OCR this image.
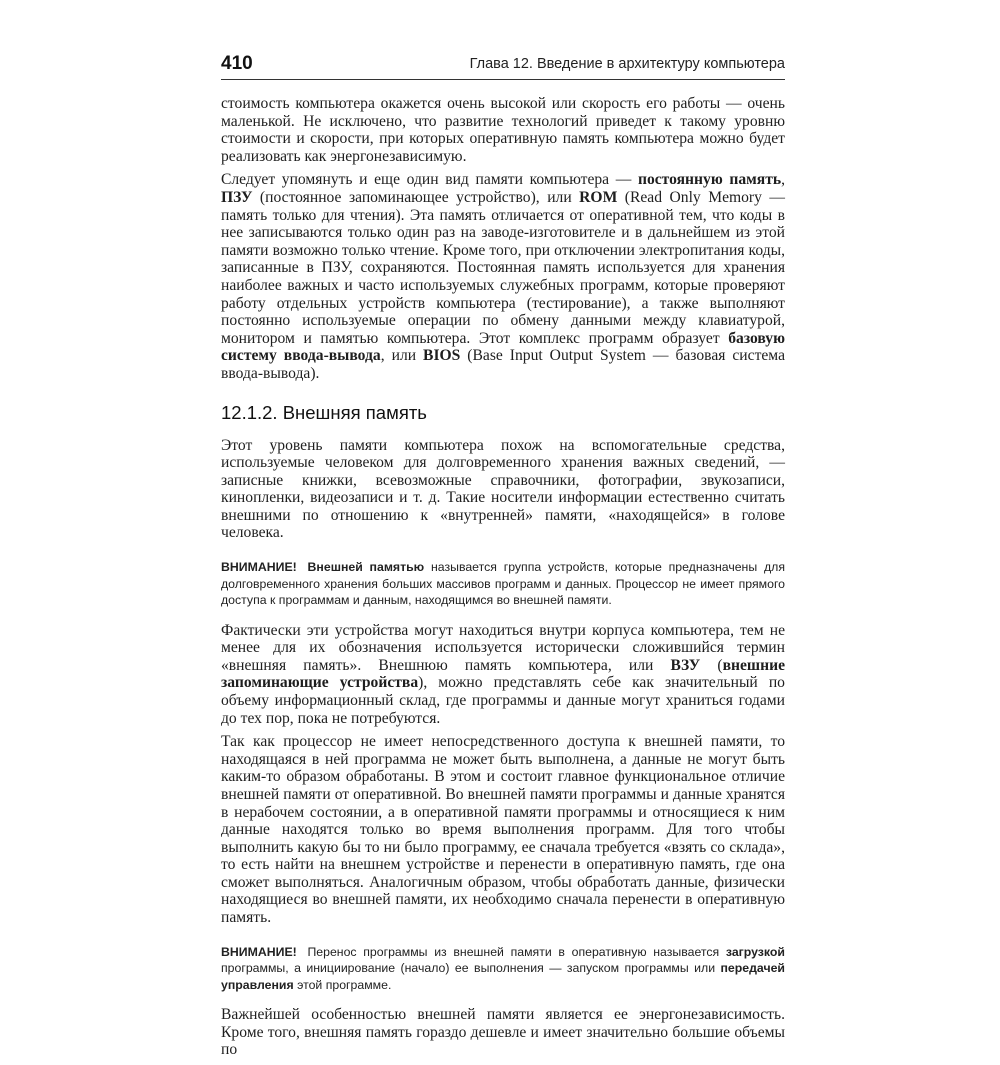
410	Глава 12. Введение в архитектуру компьютера

стоимость компьютера окажется очень высокой или скорость его работы — очень маленькой. Не исключено, что развитие технологий приведет к такому уровню стоимости и скорости, при которых оперативную память компьютера можно будет реализовать как энергонезависимую.

Следует упомянуть и еще один вид памяти компьютера — постоянную память, ПЗУ (постоянное запоминающее устройство), или ROM (Read Only Memory — память только для чтения). Эта память отличается от оперативной тем, что коды в нее записываются только один раз на заводе-изготовителе и в дальнейшем из этой памяти возможно только чтение. Кроме того, при отключении электропитания коды, записанные в ПЗУ, сохраняются. Постоянная память используется для хранения наиболее важных и часто используемых служебных программ, которые проверяют работу отдельных устройств компьютера (тестирование), а также выполняют постоянно используемые операции по обмену данными между клавиатурой, монитором и памятью компьютера. Этот комплекс программ образует базовую систему ввода-вывода, или BIOS (Base Input Output System — базовая система ввода-вывода).

12.1.2. Внешняя память

Этот уровень памяти компьютера похож на вспомогательные средства, используемые человеком для долговременного хранения важных сведений, — записные книжки, всевозможные справочники, фотографии, звукозаписи, кинопленки, видеозаписи и т. д. Такие носители информации естественно считать внешними по отношению к «внутренней» памяти, «находящейся» в голове человека.

ВНИМАНИЕ! Внешней памятью называется группа устройств, которые предназначены для долговременного хранения больших массивов программ и данных. Процессор не имеет прямого доступа к программам и данным, находящимся во внешней памяти.

Фактически эти устройства могут находиться внутри корпуса компьютера, тем не менее для их обозначения используется исторически сложившийся термин «внешняя память». Внешнюю память компьютера, или ВЗУ (внешние запоминающие устройства), можно представлять себе как значительный по объему информационный склад, где программы и данные могут храниться годами до тех пор, пока не потребуются.

Так как процессор не имеет непосредственного доступа к внешней памяти, то находящаяся в ней программа не может быть выполнена, а данные не могут быть каким-то образом обработаны. В этом и состоит главное функциональное отличие внешней памяти от оперативной. Во внешней памяти программы и данные хранятся в нерабочем состоянии, а в оперативной памяти программы и относящиеся к ним данные находятся только во время выполнения программ. Для того чтобы выполнить какую бы то ни было программу, ее сначала требуется «взять со склада», то есть найти на внешнем устройстве и перенести в оперативную память, где она сможет выполняться. Аналогичным образом, чтобы обработать данные, физически находящиеся во внешней памяти, их необходимо сначала перенести в оперативную память.

ВНИМАНИЕ! Перенос программы из внешней памяти в оперативную называется загрузкой программы, а инициирование (начало) ее выполнения — запуском программы или передачей управления этой программе.

Важнейшей особенностью внешней памяти является ее энергонезависимость. Кроме того, внешняя память гораздо дешевле и имеет значительно большие объемы по
